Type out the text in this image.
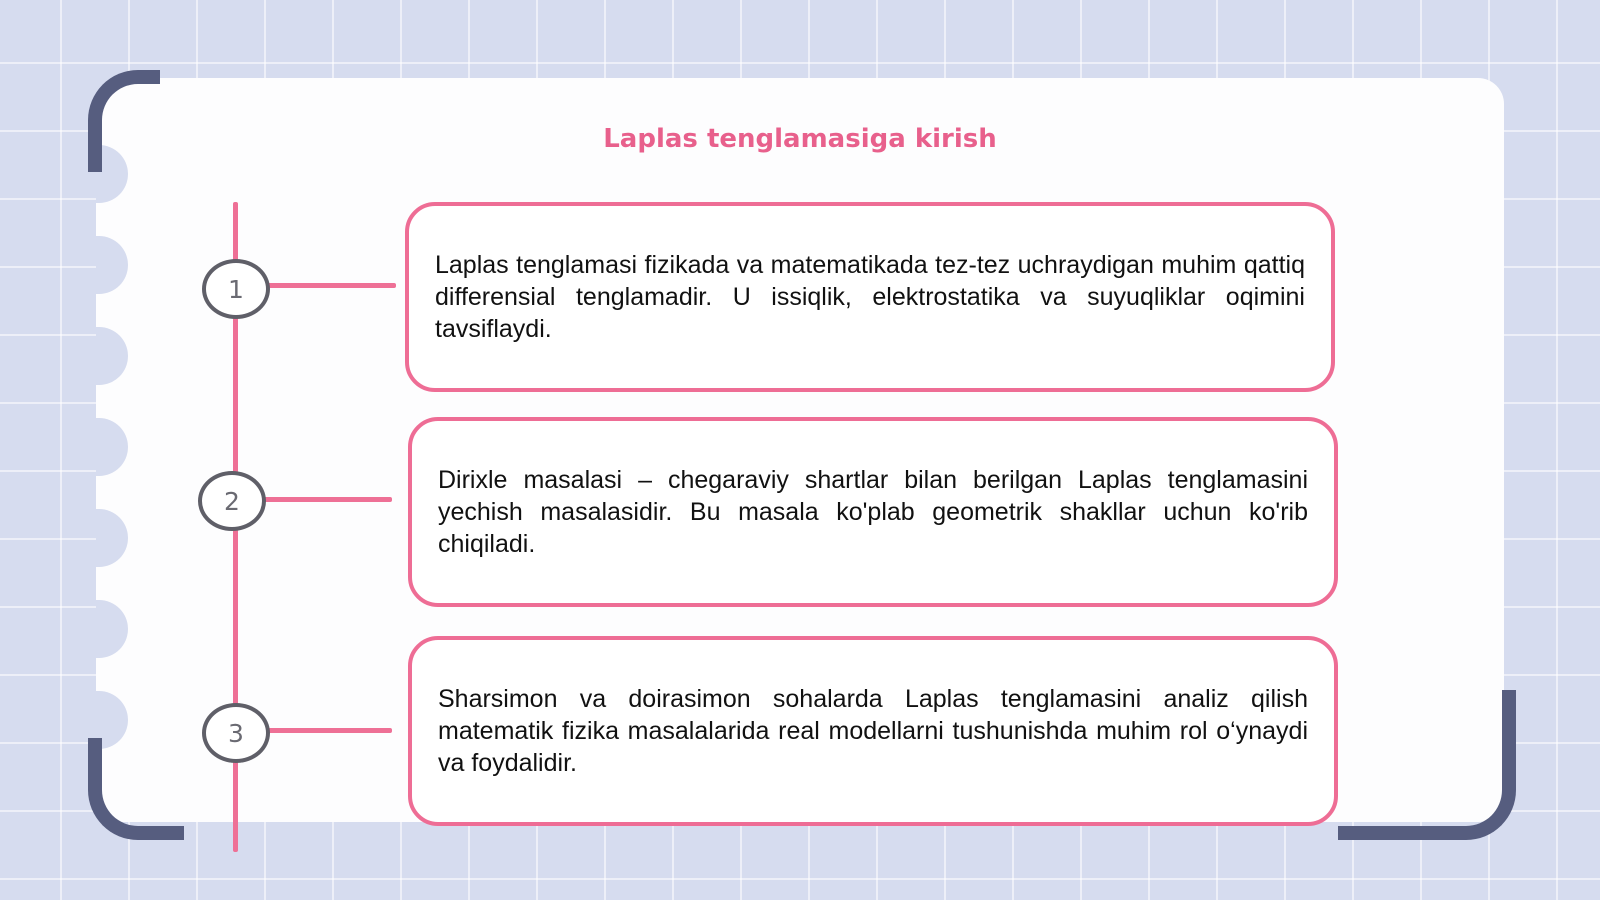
Laplas tenglamasiga kirish
1

Laplas tenglamasi fizikada va matematikada tez-tez uchraydigan muhim qattiq differensial tenglamadir. U issiqlik, elektrostatika va suyuqliklar oqimini tavsiflaydi.

2

Dirixle masalasi – chegaraviy shartlar bilan berilgan Laplas tenglamasini yechish masalasidir. Bu masala ko'plab geometrik shakllar uchun ko'rib chiqiladi.

3

Sharsimon va doirasimon sohalarda Laplas tenglamasini analiz qilish matematik fizika masalalarida real modellarni tushunishda muhim rol o‘ynaydi va foydalidir.
